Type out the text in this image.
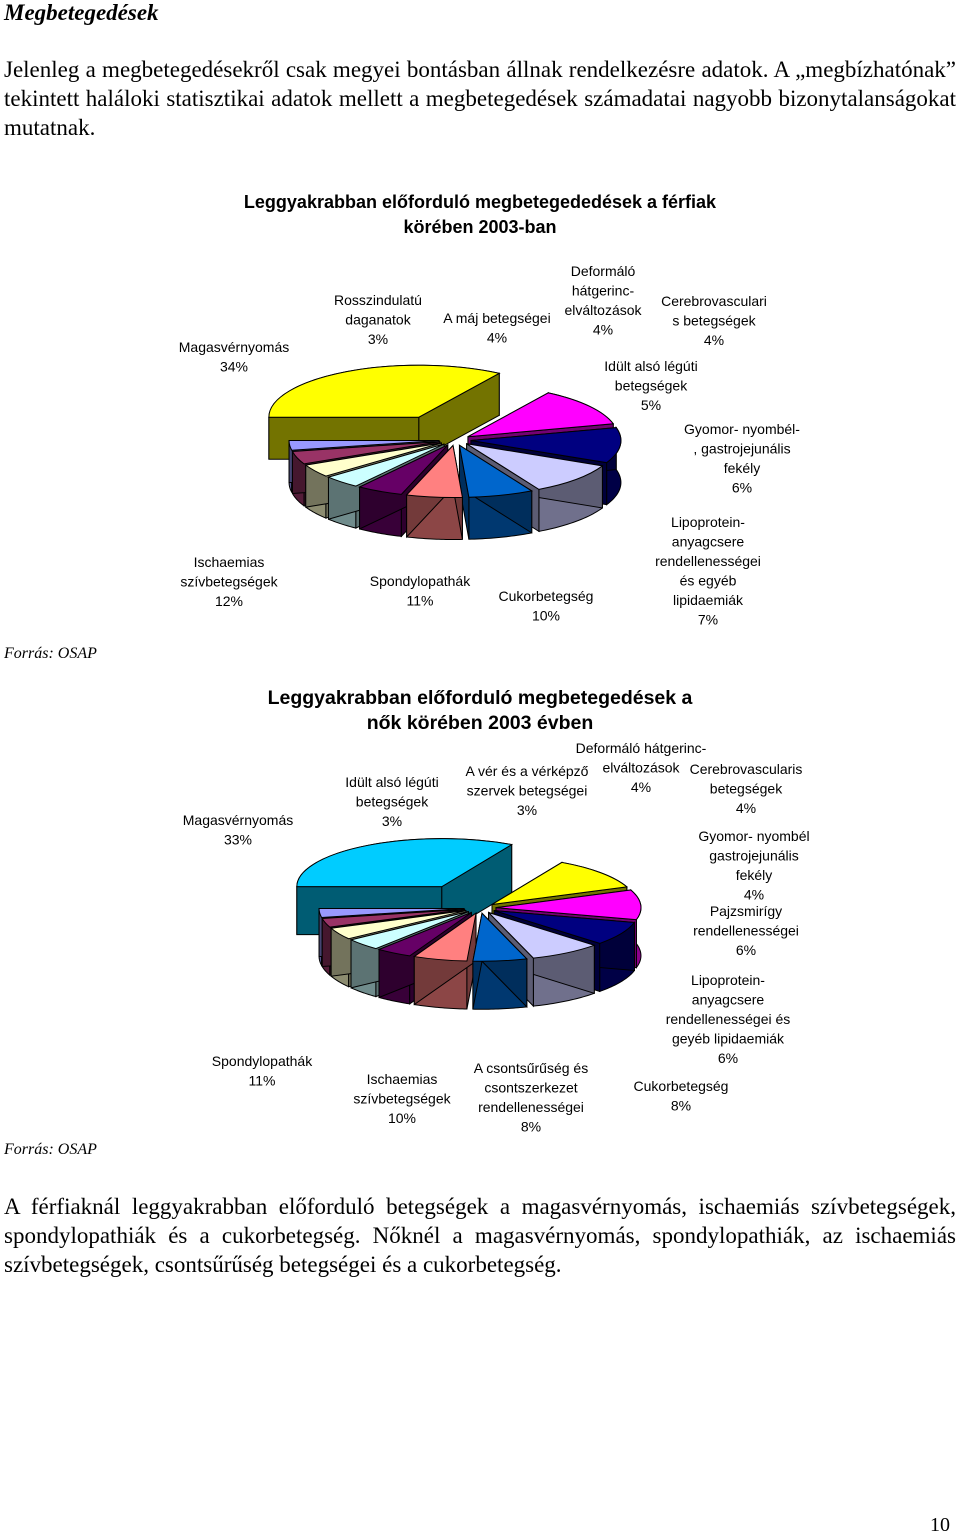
Megbetegedések
Jelenleg a megbetegedésekről csak megyei bontásban állnak rendelkezésre adatok. A „megbízhatónak” tekintett haláloki statisztikai adatok mellett a megbetegedések számadatai nagyobb bizonytalanságokat mutatnak.
Leggyakrabban előforduló megbetegededések a férfiak
körében 2003-ban
Magasvérnyomás 34%
Ischaemias szívbetegségek 12%
Spondylopathák 11%	Cukorbetegség 10%
Lipoprotein-anyagcsere rendellenességei és egyéb lipidaemiák 7%
Gyomor- nyombél-, gastrojejunális fekély 6%
Idült alsó légúti betegségek 5%
Cerebrovasculari s betegségek 4%
Deformáló hátgerinc-elváltozások 4%
A máj betegségei 4%
Rosszindulatú daganatok 3%
Forrás: OSAP
Leggyakrabban előforduló megbetegedések a
nők körében 2003 évben
Magasvérnyomás 33%
Spondylopathák 11%	Ischaemias szívbetegségek 10%
A csontsűrűség és csontszerkezet rendellenességei 8%
Cukorbetegség 8%
Lipoprotein-anyagcsere rendellenességei és geyéb lipidaemiák 6%
Pajzsmirígy rendellenességei 6%
Gyomor- nyombél gastrojejunális fekély 4%
Cerebrovascularis betegségek 4%
Deformáló hátgerinc-elváltozások 4%
A vér és a vérképző szervek betegségei 3%
Idült alsó légúti betegségek 3%
Forrás: OSAP
A férfiaknál leggyakrabban előforduló betegségek a magasvérnyomás, ischaemiás szívbetegségek, spondylopathiák és a cukorbetegség. Nőknél a magasvérnyomás, spondylopathiák, az ischaemiás szívbetegségek, csontsűrűség betegségei és a cukorbetegség.
10
